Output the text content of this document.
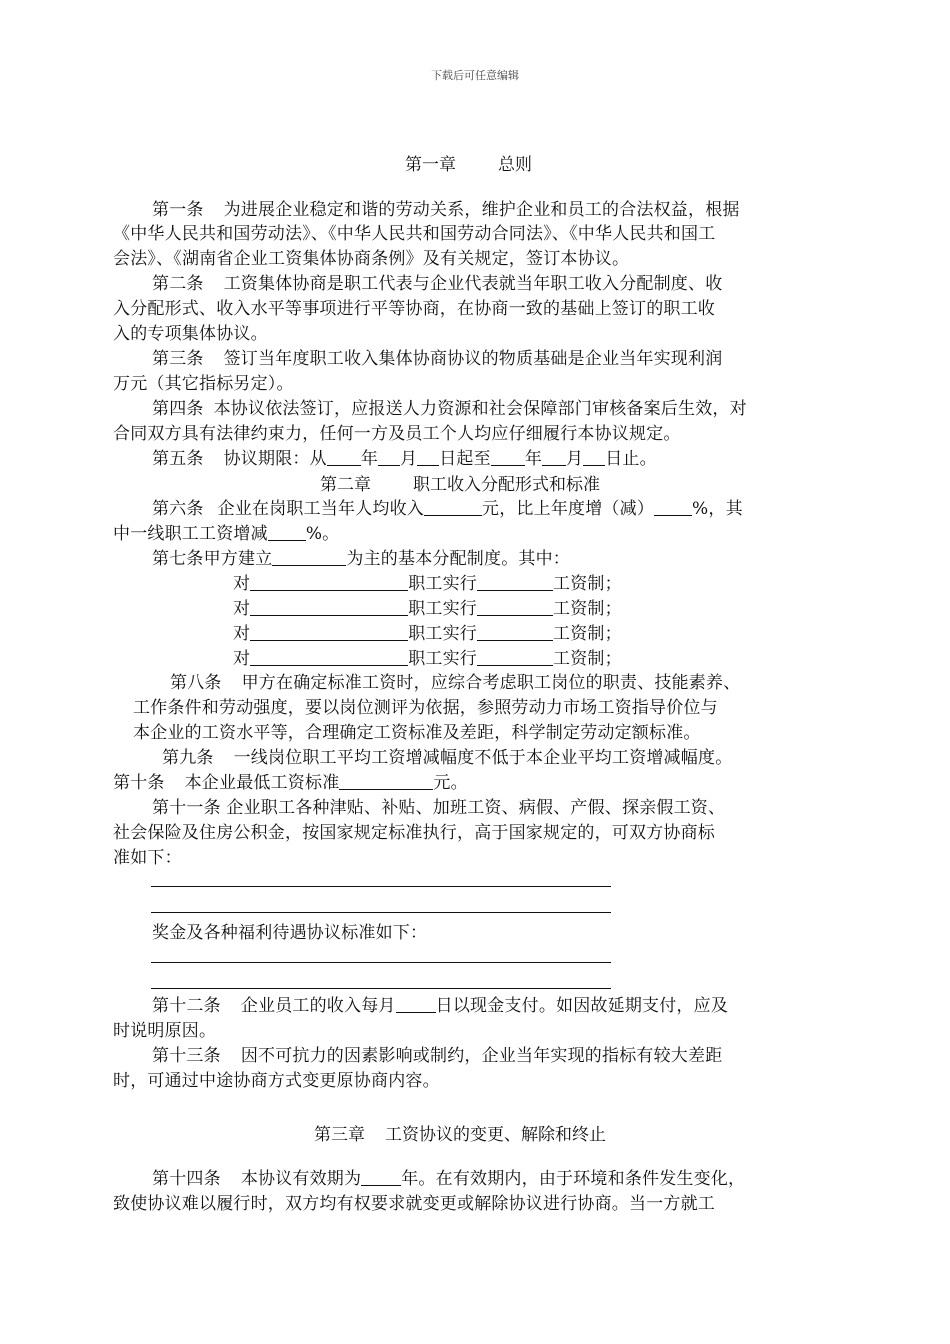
下载后可任意编辑
第一章 总则
第一条 为进展企业稳定和谐的劳动关系，维护企业和员工的合法权益，根据
《中华人民共和国劳动法》、《中华人民共和国劳动合同法》、《中华人民共和国工
会法》、《湖南省企业工资集体协商条例》及有关规定，签订本协议。
第二条 工资集体协商是职工代表与企业代表就当年职工收入分配制度、收
入分配形式、收入水平等事项进行平等协商，在协商一致的基础上签订的职工收
入的专项集体协议。
第三条 签订当年度职工收入集体协商协议的物质基础是企业当年实现利润
万元（其它指标另定）。
第四条 本协议依法签订，应报送人力资源和社会保障部门审核备案后生效，对
合同双方具有法律约束力，任何一方及员工个人均应仔细履行本协议规定。
第五条 协议期限：从 年 月 日起至 年 月 日止。
第二章 职工收入分配形式和标准
第六条 企业在岗职工当年人均收入	元，比上年度增（减） %，其
中一线职工工资增减 %。
第七条甲方建立	为主的基本分配制度。其中：
对	职工实行	工资制；
对	职工实行	工资制；
对	职工实行	工资制；
对	职工实行	工资制；
第八条 甲方在确定标准工资时，应综合考虑职工岗位的职责、技能素养、
工作条件和劳动强度，要以岗位测评为依据，参照劳动力市场工资指导价位与
本企业的工资水平等，合理确定工资标准及差距，科学制定劳动定额标准。
第九条 一线岗位职工平均工资增减幅度不低于本企业平均工资增减幅度。
第十条 本企业最低工资标准	元。
第十一条 企业职工各种津贴、补贴、加班工资、病假、产假、探亲假工资、
社会保险及住房公积金，按国家规定标准执行，高于国家规定的，可双方协商标
准如下：
奖金及各种福利待遇协议标准如下：
第十二条 企业员工的收入每月 日以现金支付。如因故延期支付，应及
时说明原因。
第十三条 因不可抗力的因素影响或制约，企业当年实现的指标有较大差距
时，可通过中途协商方式变更原协商内容。
第三章 工资协议的变更、解除和终止
第十四条 本协议有效期为 年。在有效期内，由于环境和条件发生变化，
致使协议难以履行时，双方均有权要求就变更或解除协议进行协商。当一方就工
